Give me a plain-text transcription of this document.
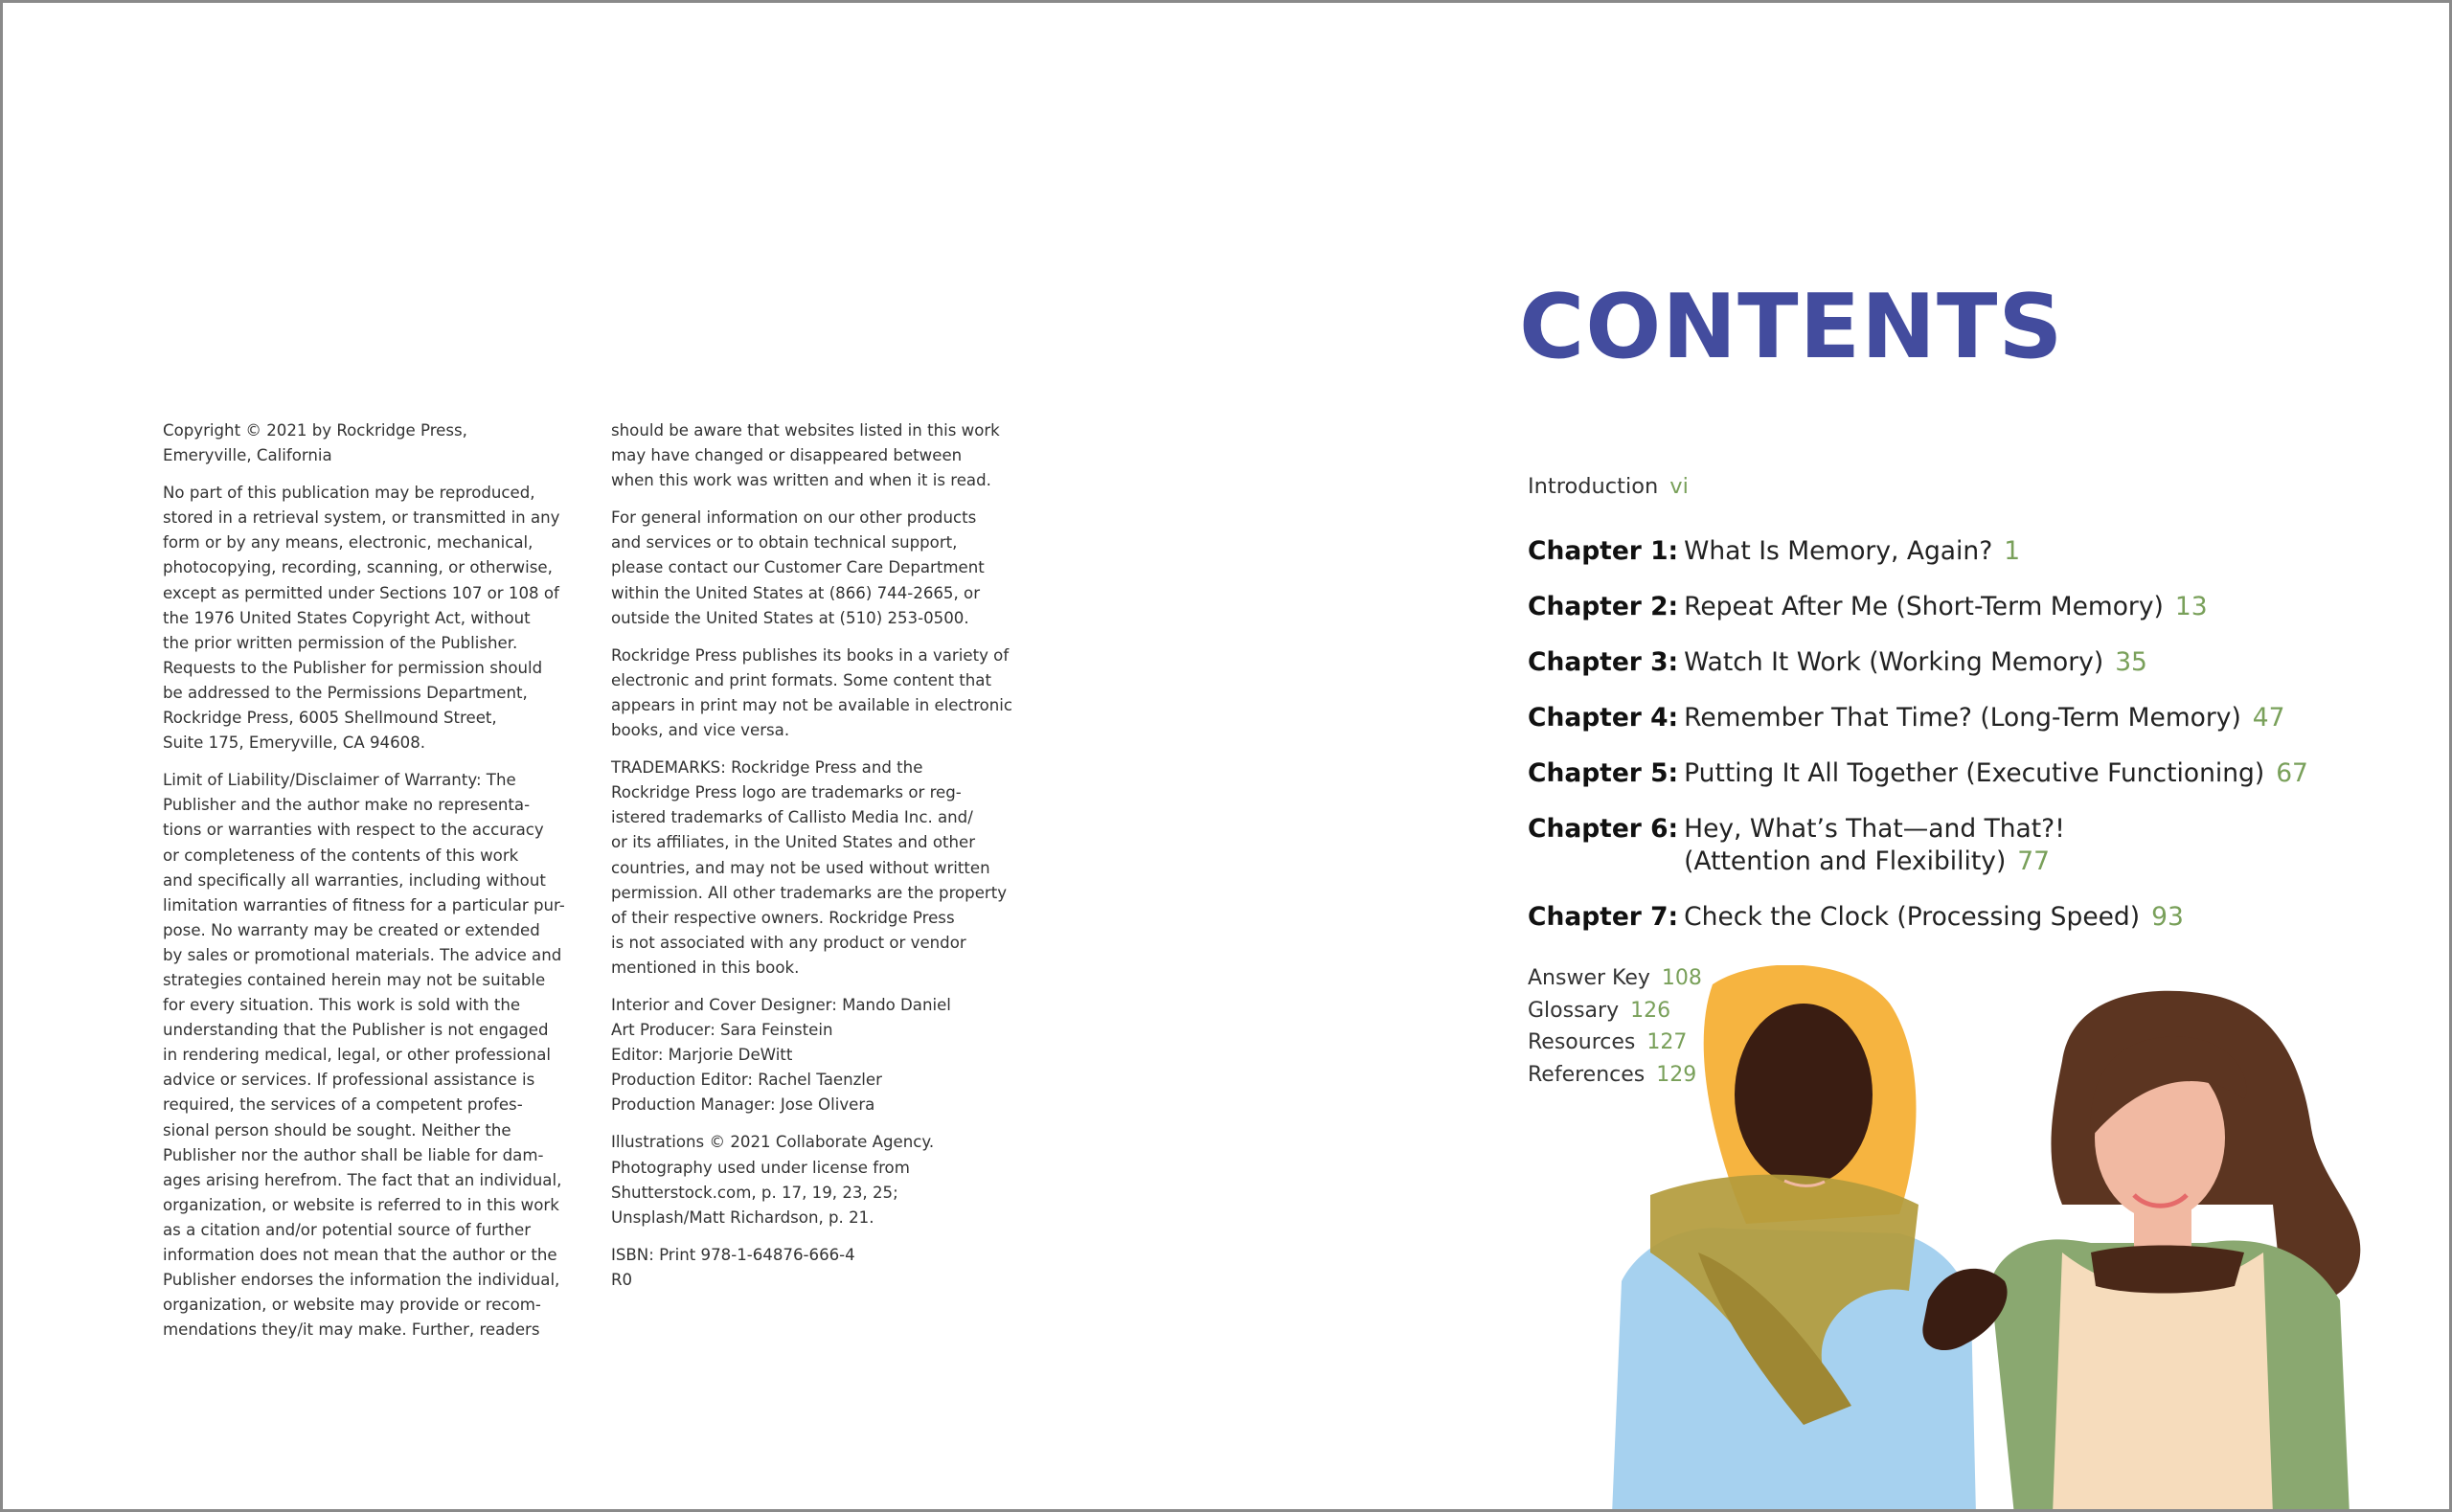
Copyright © 2021 by Rockridge Press,
Emeryville, California

No part of this publication may be reproduced,
stored in a retrieval system, or transmitted in any
form or by any means, electronic, mechanical,
photocopying, recording, scanning, or otherwise,
except as permitted under Sections 107 or 108 of
the 1976 United States Copyright Act, without
the prior written permission of the Publisher.
Requests to the Publisher for permission should
be addressed to the Permissions Department,
Rockridge Press, 6005 Shellmound Street,
Suite 175, Emeryville, CA 94608.

Limit of Liability/Disclaimer of Warranty: The
Publisher and the author make no representa-
tions or warranties with respect to the accuracy
or completeness of the contents of this work
and specifically all warranties, including without
limitation warranties of fitness for a particular pur-
pose. No warranty may be created or extended
by sales or promotional materials. The advice and
strategies contained herein may not be suitable
for every situation. This work is sold with the
understanding that the Publisher is not engaged
in rendering medical, legal, or other professional
advice or services. If professional assistance is
required, the services of a competent profes-
sional person should be sought. Neither the
Publisher nor the author shall be liable for dam-
ages arising herefrom. The fact that an individual,
organization, or website is referred to in this work
as a citation and/or potential source of further
information does not mean that the author or the
Publisher endorses the information the individual,
organization, or website may provide or recom-
mendations they/it may make. Further, readers

should be aware that websites listed in this work
may have changed or disappeared between
when this work was written and when it is read.

For general information on our other products
and services or to obtain technical support,
please contact our Customer Care Department
within the United States at (866) 744-2665, or
outside the United States at (510) 253-0500.

Rockridge Press publishes its books in a variety of
electronic and print formats. Some content that
appears in print may not be available in electronic
books, and vice versa.

TRADEMARKS: Rockridge Press and the
Rockridge Press logo are trademarks or reg-
istered trademarks of Callisto Media Inc. and/
or its affiliates, in the United States and other
countries, and may not be used without written
permission. All other trademarks are the property
of their respective owners. Rockridge Press
is not associated with any product or vendor
mentioned in this book.

Interior and Cover Designer: Mando Daniel
Art Producer: Sara Feinstein
Editor: Marjorie DeWitt
Production Editor: Rachel Taenzler
Production Manager: Jose Olivera

Illustrations © 2021 Collaborate Agency.
Photography used under license from
Shutterstock.com, p. 17, 19, 23, 25;
Unsplash/Matt Richardson, p. 21.

ISBN: Print 978-1-64876-666-4
R0

CONTENTS
Introduction vi
Chapter 1: What Is Memory, Again? 1
Chapter 2: Repeat After Me (Short-Term Memory) 13
Chapter 3: Watch It Work (Working Memory) 35
Chapter 4: Remember That Time? (Long-Term Memory) 47
Chapter 5: Putting It All Together (Executive Functioning) 67
Chapter 6: Hey, What’s That—and That?!
(Attention and Flexibility) 77
Chapter 7: Check the Clock (Processing Speed) 93
Answer Key 108
Glossary 126
Resources 127
References 129
